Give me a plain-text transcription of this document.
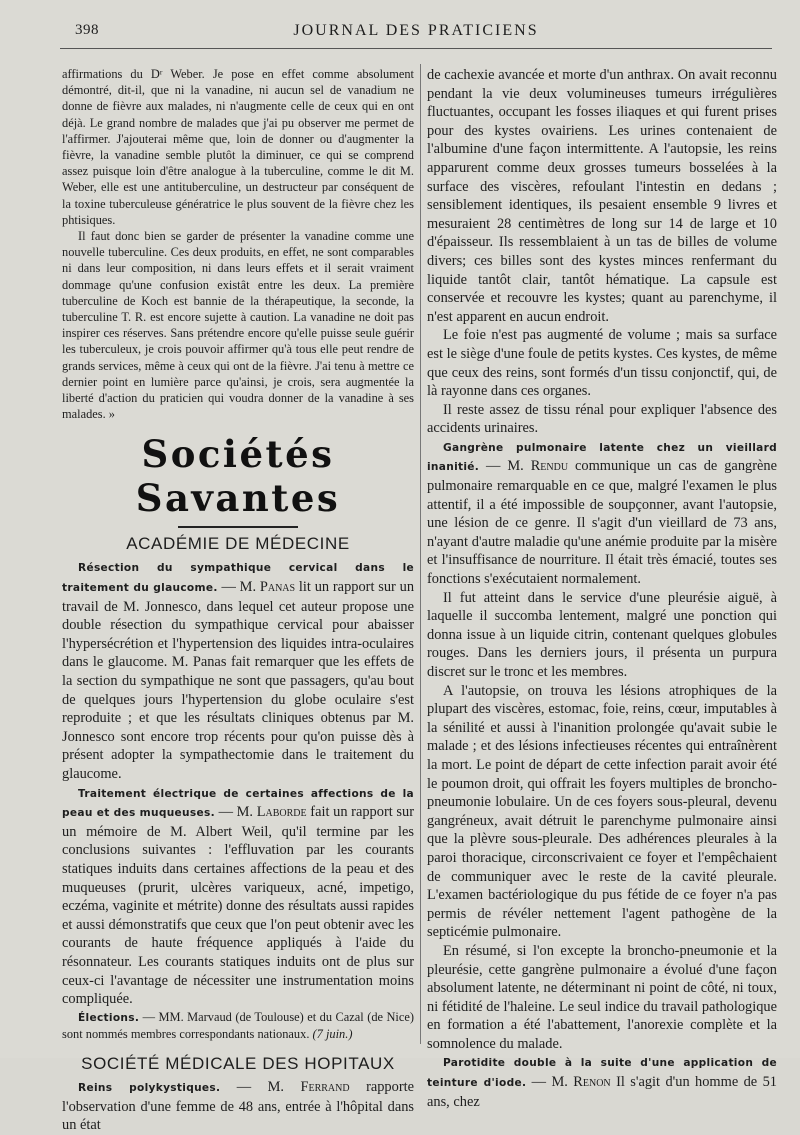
398	JOURNAL DES PRATICIENS

affirmations du Dʳ Weber. Je pose en effet comme absolument démontré, dit-il, que ni la vanadine, ni aucun sel de vanadium ne donne de fièvre aux malades, ni n'augmente celle de ceux qui en ont déjà. Le grand nombre de malades que j'ai pu observer me permet de l'affirmer. J'ajouterai même que, loin de donner ou d'augmenter la fièvre, la vanadine semble plutôt la diminuer, ce qui se comprend assez puisque loin d'être analogue à la tuberculine, comme le dit M. Weber, elle est une antituberculine, un destructeur par conséquent de la toxine tuberculeuse génératrice le plus souvent de la fièvre chez les phtisiques.

Il faut donc bien se garder de présenter la vanadine comme une nouvelle tuberculine. Ces deux produits, en effet, ne sont comparables ni dans leur composition, ni dans leurs effets et il serait vraiment dommage qu'une confusion existât entre les deux. La première tuberculine de Koch est bannie de la thérapeutique, la seconde, la tuberculine T. R. est encore sujette à caution. La vanadine ne doit pas inspirer ces réserves. Sans prétendre encore qu'elle puisse seule guérir les tuberculeux, je crois pouvoir affirmer qu'à tous elle peut rendre de grands services, même à ceux qui ont de la fièvre. J'ai tenu à mettre ce dernier point en lumière parce qu'ainsi, je crois, sera augmentée la liberté d'action du praticien qui voudra donner de la vanadine à ses malades. »

Sociétés Savantes
ACADÉMIE DE MÉDECINE

Résection du sympathique cervical dans le traitement du glaucome. — M. Panas lit un rapport sur un travail de M. Jonnesco, dans lequel cet auteur propose une double résection du sympathique cervical pour abaisser l'hypersécrétion et l'hypertension des liquides intra-oculaires dans le glaucome. M. Panas fait remarquer que les effets de la section du sympathique ne sont que passagers, qu'au bout de quelques jours l'hypertension du globe oculaire s'est reproduite ; et que les résultats cliniques obtenus par M. Jonnesco sont encore trop récents pour qu'on puisse dès à présent adopter la sympathectomie dans le traitement du glaucome.

Traitement électrique de certaines affections de la peau et des muqueuses. — M. Laborde fait un rapport sur un mémoire de M. Albert Weil, qu'il termine par les conclusions suivantes : l'effluvation par les courants statiques induits dans certaines affections de la peau et des muqueuses (prurit, ulcères variqueux, acné, impetigo, eczéma, vaginite et métrite) donne des résultats aussi rapides et aussi démonstratifs que ceux que l'on peut obtenir avec les courants de haute fréquence appliqués à l'aide du résonnateur. Les courants statiques induits ont de plus sur ceux-ci l'avantage de nécessiter une instrumentation moins compliquée.

Élections. — MM. Marvaud (de Toulouse) et du Cazal (de Nice) sont nommés membres correspondants nationaux. (7 juin.)

SOCIÉTÉ MÉDICALE DES HOPITAUX

Reins polykystiques. — M. Ferrand rapporte l'observation d'une femme de 48 ans, entrée à l'hôpital dans un état

de cachexie avancée et morte d'un anthrax. On avait reconnu pendant la vie deux volumineuses tumeurs irrégulières fluctuantes, occupant les fosses iliaques et qui furent prises pour des kystes ovairiens. Les urines contenaient de l'albumine d'une façon intermittente. A l'autopsie, les reins apparurent comme deux grosses tumeurs bosselées à la surface des viscères, refoulant l'intestin en dedans ; sensiblement identiques, ils pesaient ensemble 9 livres et mesuraient 28 centimètres de long sur 14 de large et 10 d'épaisseur. Ils ressemblaient à un tas de billes de volume divers; ces billes sont des kystes minces renfermant du liquide tantôt clair, tantôt hématique. La capsule est conservée et recouvre les kystes; quant au parenchyme, il n'est apparent en aucun endroit.

Le foie n'est pas augmenté de volume ; mais sa surface est le siège d'une foule de petits kystes. Ces kystes, de même que ceux des reins, sont formés d'un tissu conjonctif, qui, de là rayonne dans ces organes.

Il reste assez de tissu rénal pour expliquer l'absence des accidents urinaires.

Gangrène pulmonaire latente chez un vieillard inanitié. — M. Rendu communique un cas de gangrène pulmonaire remarquable en ce que, malgré l'examen le plus attentif, il a été impossible de soupçonner, avant l'autopsie, une lésion de ce genre. Il s'agit d'un vieillard de 73 ans, n'ayant d'autre maladie qu'une anémie produite par la misère et l'insuffisance de nourriture. Il était très émacié, toutes ses fonctions s'exécutaient normalement.

Il fut atteint dans le service d'une pleurésie aiguë, à laquelle il succomba lentement, malgré une ponction qui donna issue à un liquide citrin, contenant quelques globules rouges. Dans les derniers jours, il présenta un purpura discret sur le tronc et les membres.

A l'autopsie, on trouva les lésions atrophiques de la plupart des viscères, estomac, foie, reins, cœur, imputables à la sénilité et aussi à l'inanition prolongée qu'avait subie le malade ; et des lésions infectieuses récentes qui entraînèrent la mort. Le point de départ de cette infection parait avoir été le poumon droit, qui offrait les foyers multiples de broncho-pneumonie lobulaire. Un de ces foyers sous-pleural, devenu gangréneux, avait détruit le parenchyme pulmonaire ainsi que la plèvre sous-pleurale. Des adhérences pleurales à la paroi thoracique, circonscrivaient ce foyer et l'empêchaient de communiquer avec le reste de la cavité pleurale. L'examen bactériologique du pus fétide de ce foyer n'a pas permis de révéler nettement l'agent pathogène de la septicémie pulmonaire.

En résumé, si l'on excepte la broncho-pneumonie et la pleurésie, cette gangrène pulmonaire a évolué d'une façon absolument latente, ne déterminant ni point de côté, ni toux, ni fétidité de l'haleine. Le seul indice du travail pathologique en formation a été l'abattement, l'anorexie complète et la somnolence du malade.

Parotidite double à la suite d'une application de teinture d'iode. — M. Renon Il s'agit d'un homme de 51 ans, chez
